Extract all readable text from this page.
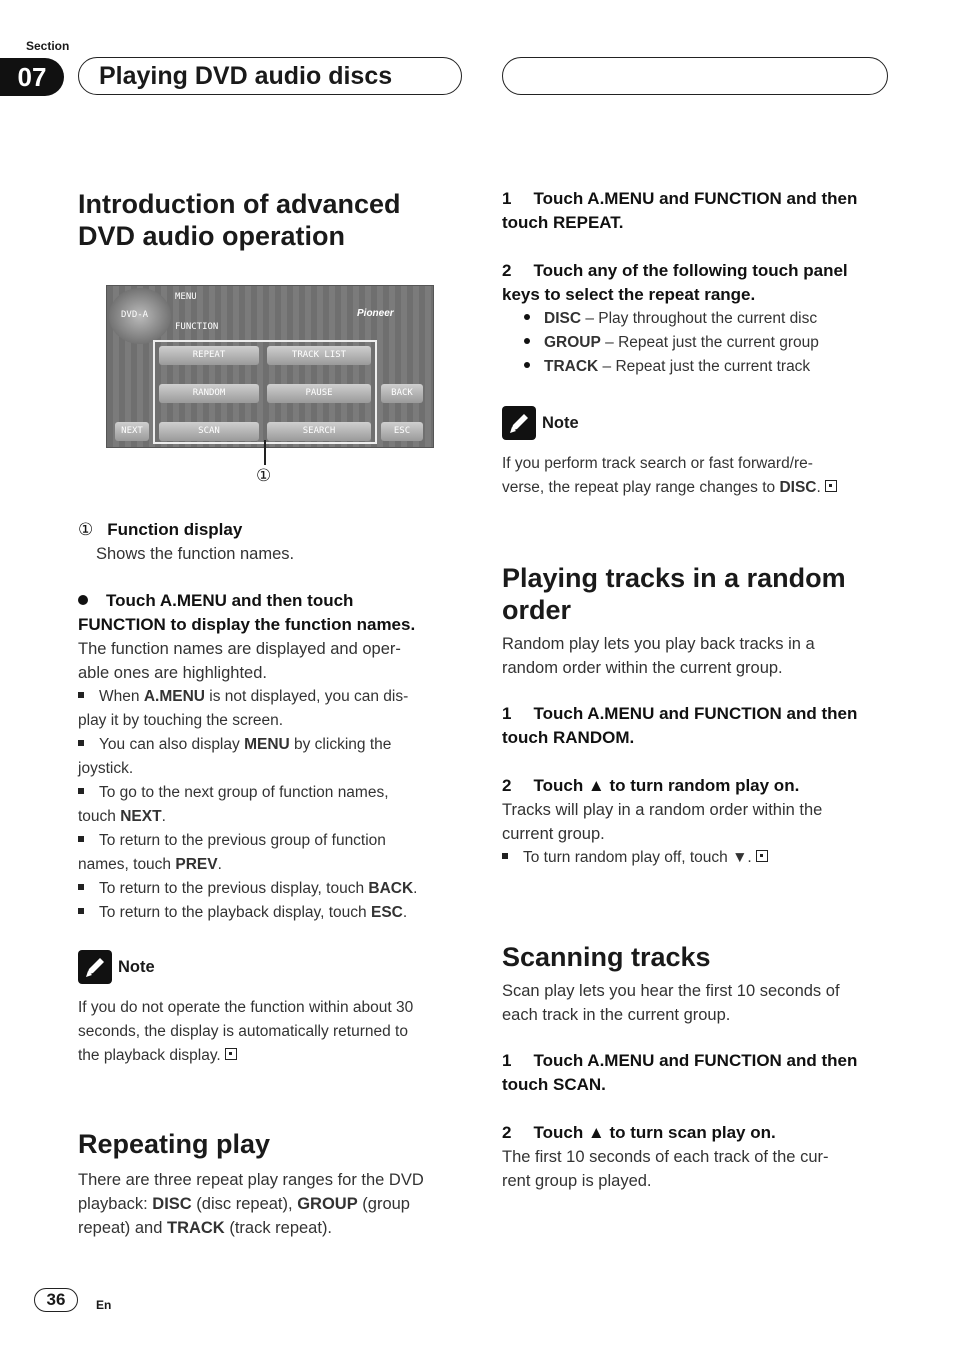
Section
07	Playing DVD audio discs
Introduction of advanced
DVD audio operation
DVD-A
MENU
FUNCTION
Pioneer
REPEAT	TRACK LIST
RANDOM	PAUSE	BACK
NEXT	SCAN	SEARCH	ESC
①
① Function display
Shows the function names.
Touch A.MENU and then touch
FUNCTION to display the function names.
The function names are displayed and oper-
able ones are highlighted.
When A.MENU is not displayed, you can dis-
play it by touching the screen.
You can also display MENU by clicking the
joystick.
To go to the next group of function names,
touch NEXT.
To return to the previous group of function
names, touch PREV.
To return to the previous display, touch BACK.
To return to the playback display, touch ESC.
Note
If you do not operate the function within about 30
seconds, the display is automatically returned to
the playback display.
Repeating play
There are three repeat play ranges for the DVD
playback: DISC (disc repeat), GROUP (group
repeat) and TRACK (track repeat).
1 Touch A.MENU and FUNCTION and then
touch REPEAT.
2 Touch any of the following touch panel
keys to select the repeat range.
DISC – Play throughout the current disc
GROUP – Repeat just the current group
TRACK – Repeat just the current track
Note
If you perform track search or fast forward/re-
verse, the repeat play range changes to DISC.
Playing tracks in a random
order
Random play lets you play back tracks in a
random order within the current group.
1 Touch A.MENU and FUNCTION and then
touch RANDOM.
2 Touch ▲ to turn random play on.
Tracks will play in a random order within the
current group.
To turn random play off, touch ▼.
Scanning tracks
Scan play lets you hear the first 10 seconds of
each track in the current group.
1 Touch A.MENU and FUNCTION and then
touch SCAN.
2 Touch ▲ to turn scan play on.
The first 10 seconds of each track of the cur-
rent group is played.
36	En
